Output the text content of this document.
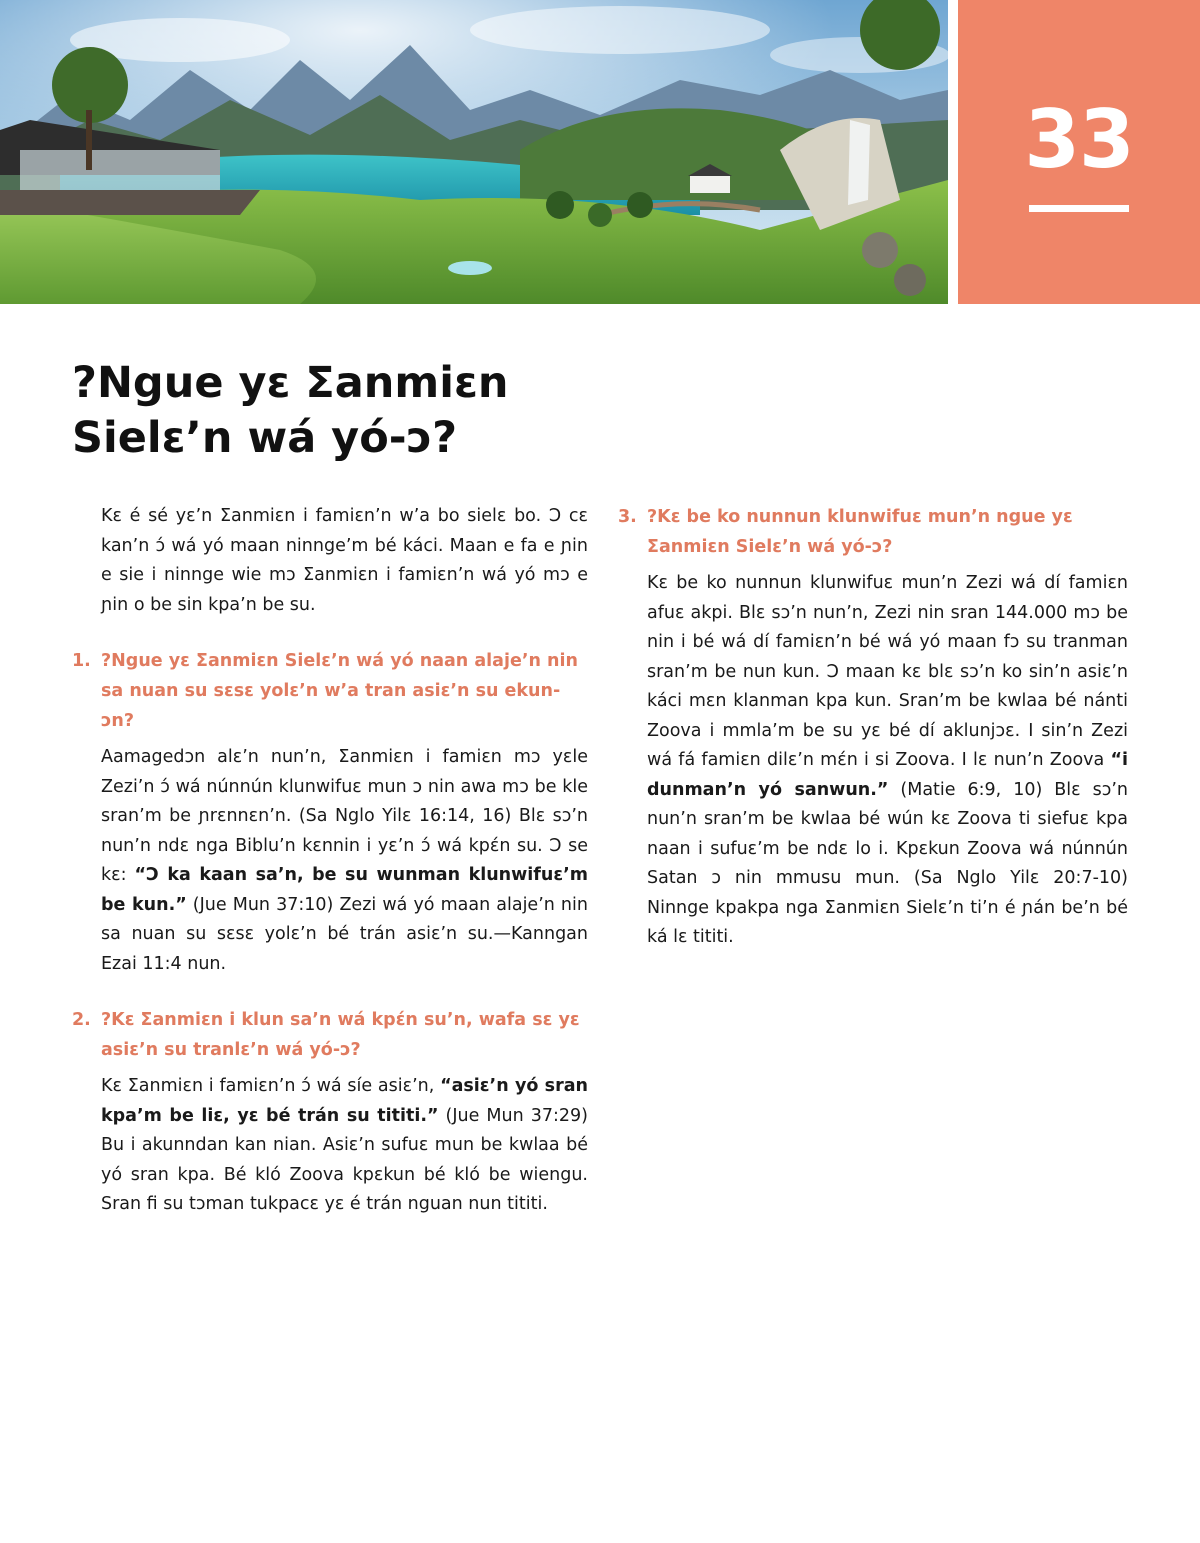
33
?Ngue yɛ Ʃanmiɛn
Sielɛ’n wá yó-ɔ?

Kɛ é sé yɛ’n Ʃanmiɛn i famiɛn’n w’a bo sielɛ bo. Ɔ cɛ kan’n ɔ́ wá yó maan ninnge’m bé káci. Maan e fa e ɲin e sie i ninnge wie mɔ Ʃanmiɛn i famiɛn’n wá yó mɔ e ɲin o be sin kpa’n be su.

1. ?Ngue yɛ Ʃanmiɛn Sielɛ’n wá yó naan alaje’n nin sa nuan su sɛsɛ yolɛ’n w’a tran asiɛ’n su ekun-ɔn?

Aamagedɔn alɛ’n nun’n, Ʃanmiɛn i famiɛn mɔ yɛle Zezi’n ɔ́ wá núnnún klunwifuɛ mun ɔ nin awa mɔ be kle sran’m be ɲrɛnnɛn’n. (Sa Nglo Yilɛ 16:14, 16) Blɛ sɔ’n nun’n ndɛ nga Biblu’n kɛnnin i yɛ’n ɔ́ wá kpɛ́n su. Ɔ se kɛ: “Ɔ ka kaan sa’n, be su wunman klunwifuɛ’m be kun.” (Jue Mun 37:10) Zezi wá yó maan alaje’n nin sa nuan su sɛsɛ yolɛ’n bé trán asiɛ’n su.—Kanngan Ezai 11:4 nun.

2. ?Kɛ Ʃanmiɛn i klun sa’n wá kpɛ́n su’n, wafa sɛ yɛ asiɛ’n su tranlɛ’n wá yó-ɔ?

Kɛ Ʃanmiɛn i famiɛn’n ɔ́ wá síe asiɛ’n, “asiɛ’n yó sran kpa’m be liɛ, yɛ bé trán su tititi.” (Jue Mun 37:29) Bu i akunndan kan nian. Asiɛ’n sufuɛ mun be kwlaa bé yó sran kpa. Bé kló Zoova kpɛkun bé kló be wiengu. Sran fi su tɔman tukpacɛ yɛ é trán nguan nun tititi.

3. ?Kɛ be ko nunnun klunwifuɛ mun’n ngue yɛ Ʃanmiɛn Sielɛ’n wá yó-ɔ?

Kɛ be ko nunnun klunwifuɛ mun’n Zezi wá dí famiɛn afuɛ akpi. Blɛ sɔ’n nun’n, Zezi nin sran 144.000 mɔ be nin i bé wá dí famiɛn’n bé wá yó maan fɔ su tranman sran’m be nun kun. Ɔ maan kɛ blɛ sɔ’n ko sin’n asiɛ’n káci mɛn klanman kpa kun. Sran’m be kwlaa bé nánti Zoova i mmla’m be su yɛ bé dí aklunjɔɛ. I sin’n Zezi wá fá famiɛn dilɛ’n mɛ́n i si Zoova. I lɛ nun’n Zoova “i dunman’n yó sanwun.” (Matie 6:9, 10) Blɛ sɔ’n nun’n sran’m be kwlaa bé wún kɛ Zoova ti siefuɛ kpa naan i sufuɛ’m be ndɛ lo i. Kpɛkun Zoova wá núnnún Satan ɔ nin mmusu mun. (Sa Nglo Yilɛ 20:7-10) Ninnge kpakpa nga Ʃanmiɛn Sielɛ’n ti’n é ɲán be’n bé ká lɛ tititi.
